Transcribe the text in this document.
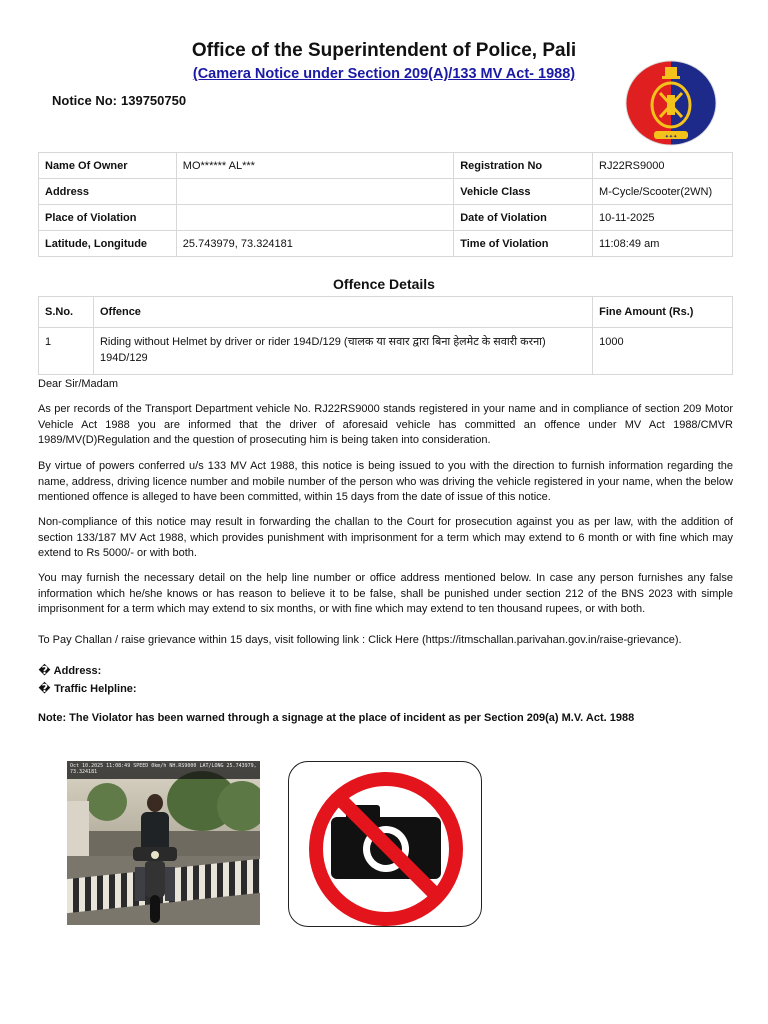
Office of the Superintendent of Police, Pali
(Camera Notice under Section 209(A)/133 MV Act- 1988)
Notice No: 139750750
✦✦✦
Name Of Owner	MO****** AL***	Registration No	RJ22RS9000
Address		Vehicle Class	M-Cycle/Scooter(2WN)
Place of Violation		Date of Violation	10-11-2025
Latitude, Longitude	25.743979, 73.324181	Time of Violation	11:08:49 am
Offence Details
S.No.	Offence	Fine Amount (Rs.)
1	Riding without Helmet by driver or rider 194D/129 (चालक या सवार द्वारा बिना हेलमेट के सवारी करना) 194D/129	1000
Dear Sir/Madam
As per records of the Transport Department vehicle No. RJ22RS9000 stands registered in your name and in compliance of section 209 Motor Vehicle Act 1988 you are informed that the driver of aforesaid vehicle has committed an offence under MV Act 1988/CMVR 1989/MV(D)Regulation and the question of prosecuting him is being taken into consideration.
By virtue of powers conferred u/s 133 MV Act 1988, this notice is being issued to you with the direction to furnish information regarding the name, address, driving licence number and mobile number of the person who was driving the vehicle registered in your name, when the below mentioned offence is alleged to have been committed, within 15 days from the date of issue of this notice.
Non-compliance of this notice may result in forwarding the challan to the Court for prosecution against you as per law, with the addition of section 133/187 MV Act 1988, which provides punishment with imprisonment for a term which may extend to 6 month or with fine which may extend to Rs 5000/- or with both.
You may furnish the necessary detail on the help line number or office address mentioned below. In case any person furnishes any false information which he/she knows or has reason to believe it to be false, shall be punished under section 212 of the BNS 2023 with simple imprisonment for a term which may extend to six months, or with fine which may extend to ten thousand rupees, or with both.
To Pay Challan / raise grievance within 15 days, visit following link : Click Here (https://itmschallan.parivahan.gov.in/raise-grievance).
� Address:
� Traffic Helpline:
Note: The Violator has been warned through a signage at the place of incident as per Section 209(a) M.V. Act. 1988
Oct 10.2025 11:08:49 SPEED 0km/h NH.RS9000 LAT/LONG 25.743979, 73.324181
